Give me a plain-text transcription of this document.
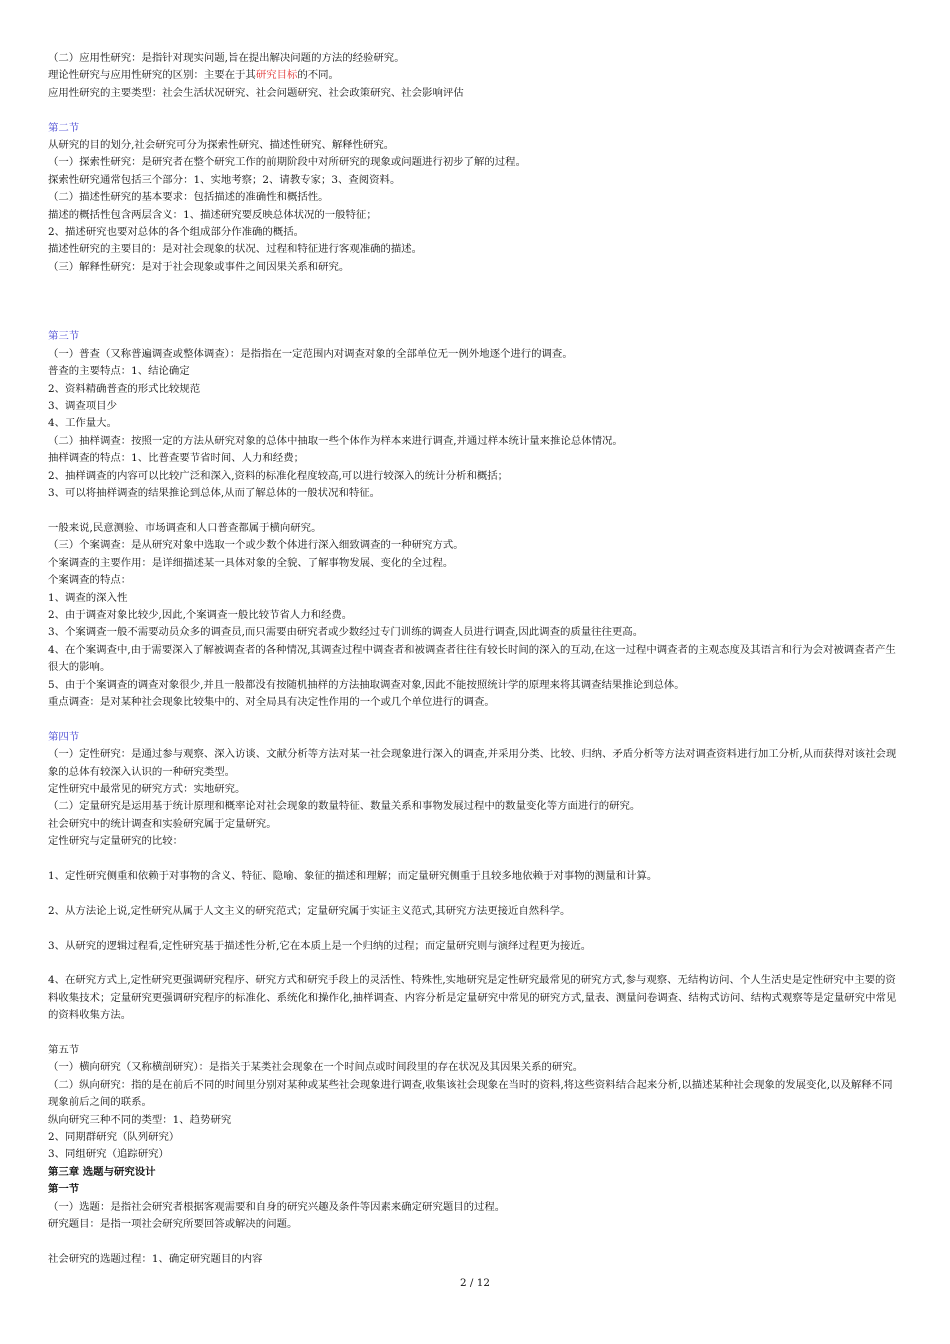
（二）应用性研究：是指针对现实问题,旨在提出解决问题的方法的经验研究。
理论性研究与应用性研究的区别：主要在于其研究目标的不同。
应用性研究的主要类型：社会生活状况研究、社会问题研究、社会政策研究、社会影响评估
第二节
从研究的目的划分,社会研究可分为探索性研究、描述性研究、解释性研究。
（一）探索性研究：是研究者在整个研究工作的前期阶段中对所研究的现象或问题进行初步了解的过程。
探索性研究通常包括三个部分：1、实地考察；2、请教专家；3、查阅资料。
（二）描述性研究的基本要求：包括描述的准确性和概括性。
描述的概括性包含两层含义：1、描述研究要反映总体状况的一般特征；
2、描述研究也要对总体的各个组成部分作准确的概括。
描述性研究的主要目的：是对社会现象的状况、过程和特征进行客观准确的描述。
（三）解释性研究：是对于社会现象或事件之间因果关系和研究。
第三节
（一）普查（又称普遍调查或整体调查）：是指指在一定范围内对调查对象的全部单位无一例外地逐个进行的调查。
普查的主要特点：1、结论确定
2、资料精确普查的形式比较规范
3、调查项目少
4、工作量大。
（二）抽样调查：按照一定的方法从研究对象的总体中抽取一些个体作为样本来进行调查,并通过样本统计量来推论总体情况。
抽样调查的特点：1、比普查要节省时间、人力和经费；
2、抽样调查的内容可以比较广泛和深入,资料的标准化程度较高,可以进行较深入的统计分析和概括；
3、可以将抽样调查的结果推论到总体,从而了解总体的一般状况和特征。
一般来说,民意测验、市场调查和人口普查都属于横向研究。
（三）个案调查：是从研究对象中选取一个或少数个体进行深入细致调查的一种研究方式。
个案调查的主要作用：是详细描述某一具体对象的全貌、了解事物发展、变化的全过程。
个案调查的特点：
1、调查的深入性
2、由于调查对象比较少,因此,个案调查一般比较节省人力和经费。
3、个案调查一般不需要动员众多的调查员,而只需要由研究者或少数经过专门训练的调查人员进行调查,因此调查的质量往往更高。
4、在个案调查中,由于需要深入了解被调查者的各种情况,其调查过程中调查者和被调查者往往有较长时间的深入的互动,在这一过程中调查者的主观态度及其语言和行为会对被调查者产生很大的影响。
5、由于个案调查的调查对象很少,并且一般都没有按随机抽样的方法抽取调查对象,因此不能按照统计学的原理来将其调查结果推论到总体。
重点调查：是对某种社会现象比较集中的、对全局具有决定性作用的一个或几个单位进行的调查。
第四节
（一）定性研究：是通过参与观察、深入访谈、文献分析等方法对某一社会现象进行深入的调查,并采用分类、比较、归纳、矛盾分析等方法对调查资料进行加工分析,从而获得对该社会现象的总体有较深入认识的一种研究类型。
定性研究中最常见的研究方式：实地研究。
（二）定量研究是运用基于统计原理和概率论对社会现象的数量特征、数量关系和事物发展过程中的数量变化等方面进行的研究。
社会研究中的统计调查和实验研究属于定量研究。
定性研究与定量研究的比较：
1、定性研究侧重和依赖于对事物的含义、特征、隐喻、象征的描述和理解；而定量研究侧重于且较多地依赖于对事物的测量和计算。
2、从方法论上说,定性研究从属于人文主义的研究范式；定量研究属于实证主义范式,其研究方法更接近自然科学。
3、从研究的逻辑过程看,定性研究基于描述性分析,它在本质上是一个归纳的过程；而定量研究则与演绎过程更为接近。
4、在研究方式上,定性研究更强调研究程序、研究方式和研究手段上的灵活性、特殊性,实地研究是定性研究最常见的研究方式,参与观察、无结构访问、个人生活史是定性研究中主要的资料收集技术；定量研究更强调研究程序的标准化、系统化和操作化,抽样调查、内容分析是定量研究中常见的研究方式,量表、测量问卷调查、结构式访问、结构式观察等是定量研究中常见的资料收集方法。
第五节
（一）横向研究（又称横剖研究）：是指关于某类社会现象在一个时间点或时间段里的存在状况及其因果关系的研究。
（二）纵向研究：指的是在前后不同的时间里分别对某种或某些社会现象进行调查,收集该社会现象在当时的资料,将这些资料结合起来分析,以描述某种社会现象的发展变化,以及解释不同现象前后之间的联系。
纵向研究三种不同的类型：1、趋势研究
2、同期群研究（队列研究）
3、同组研究（追踪研究）
第三章 选题与研究设计
第一节
（一）选题：是指社会研究者根据客观需要和自身的研究兴趣及条件等因素来确定研究题目的过程。
研究题目：是指一项社会研究所要回答或解决的问题。
社会研究的选题过程：1、确定研究题目的内容
2 / 12
